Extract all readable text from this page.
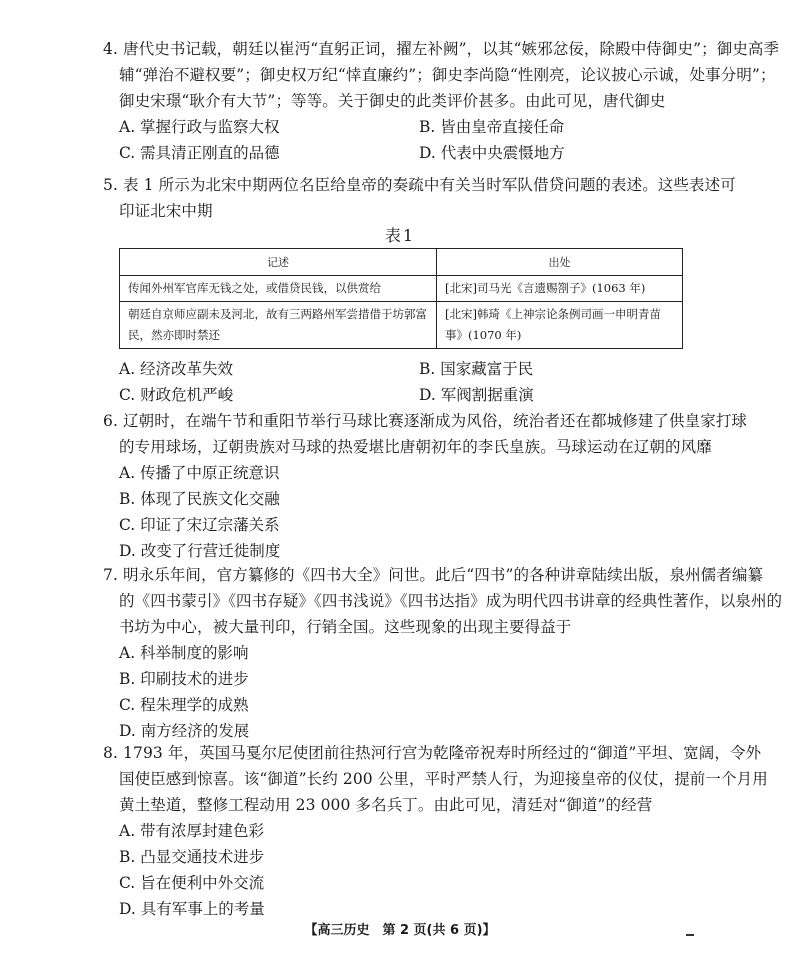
4. 唐代史书记载，朝廷以崔沔“直躬正词，擢左补阙”，以其“嫉邪忿佞，除殿中侍御史”；御史高季
辅“弹治不避权要”；御史权万纪“悻直廉约”；御史李尚隐“性刚亮，论议披心示诚，处事分明”；
御史宋璟“耿介有大节”；等等。关于御史的此类评价甚多。由此可见，唐代御史
A. 掌握行政与监察大权	B. 皆由皇帝直接任命
C. 需具清正刚直的品德	D. 代表中央震慑地方
5. 表 1 所示为北宋中期两位名臣给皇帝的奏疏中有关当时军队借贷问题的表述。这些表述可
印证北宋中期
表1
记述	出处
传闻外州军官库无钱之处，或借贷民钱，以供赏给	[北宋]司马光《言遗赐劄子》(1063 年)
朝廷自京师应副未及河北，故有三两路州军尝措借于坊郭富民，然亦即时禁还	[北宋]韩琦《上神宗论条例司画一申明青苗事》(1070 年)
A. 经济改革失效	B. 国家藏富于民
C. 财政危机严峻	D. 军阀割据重演
6. 辽朝时，在端午节和重阳节举行马球比赛逐渐成为风俗，统治者还在都城修建了供皇家打球
的专用球场，辽朝贵族对马球的热爱堪比唐朝初年的李氏皇族。马球运动在辽朝的风靡
A. 传播了中原正统意识
B. 体现了民族文化交融
C. 印证了宋辽宗藩关系
D. 改变了行营迁徙制度
7. 明永乐年间，官方纂修的《四书大全》问世。此后“四书”的各种讲章陆续出版，泉州儒者编纂
的《四书蒙引》《四书存疑》《四书浅说》《四书达指》成为明代四书讲章的经典性著作，以泉州的
书坊为中心，被大量刊印，行销全国。这些现象的出现主要得益于
A. 科举制度的影响
B. 印刷技术的进步
C. 程朱理学的成熟
D. 南方经济的发展
8. 1793 年，英国马戛尔尼使团前往热河行宫为乾隆帝祝寿时所经过的“御道”平坦、宽阔，令外
国使臣感到惊喜。该“御道”长约 200 公里，平时严禁人行，为迎接皇帝的仪仗，提前一个月用
黄土垫道，整修工程动用 23 000 多名兵丁。由此可见，清廷对“御道”的经营
A. 带有浓厚封建色彩
B. 凸显交通技术进步
C. 旨在便利中外交流
D. 具有军事上的考量
【高三历史　第 2 页(共 6 页)】
